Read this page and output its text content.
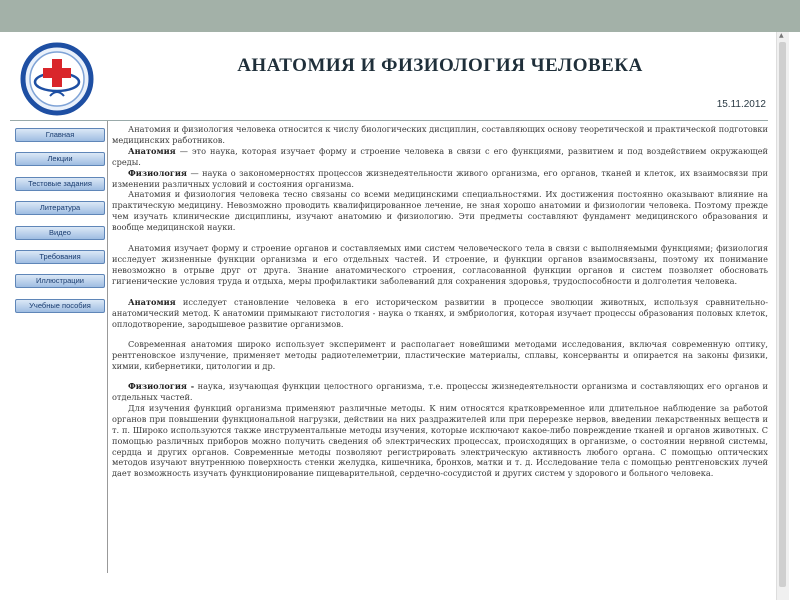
АНАТОМИЯ И ФИЗИОЛОГИЯ ЧЕЛОВЕКА
15.11.2012
Главная
Лекции
Тестовые задания
Литература
Видео
Требования
Иллюстрации
Учебные пособия

Анатомия и физиология человека относится к числу биологических дисциплин, составляющих основу теоретической и практической подготовки медицинских работников.

Анатомия — это наука, которая изучает форму и строение человека в связи с его функциями, развитием и под воздействием окружающей среды.

Физиология — наука о закономерностях процессов жизнедеятельности живого организма, его органов, тканей и клеток, их взаимосвязи при изменении различных условий и состояния организма.

Анатомия и физиология человека тесно связаны со всеми медицинскими специальностями. Их достижения постоянно оказывают влияние на практическую медицину. Невозможно проводить квалифицированное лечение, не зная хорошо анатомии и физиологии человека. Поэтому прежде чем изучать клинические дисциплины, изучают анатомию и физиологию. Эти предметы составляют фундамент медицинского образования и вообще медицинской науки.

Анатомия изучает форму и строение органов и составляемых ими систем человеческого тела в связи с выполняемыми функциями; физиология исследует жизненные функции организма и его отдельных частей. И строение, и функции органов взаимосвязаны, поэтому их понимание невозможно в отрыве друг от друга. Знание анатомического строения, согласованной функции органов и систем позволяет обосновать гигиенические условия труда и отдыха, меры профилактики заболеваний для сохранения здоровья, трудоспособности и долголетия человека.

Анатомия исследует становление человека в его историческом развитии в процессе эволюции животных, используя сравнительно-анатомический метод. К анатомии примыкают гистология - наука о тканях, и эмбриология, которая изучает процессы образования половых клеток, оплодотворение, зародышевое развитие организмов.

Современная анатомия широко использует эксперимент и располагает новейшими методами исследования, включая современную оптику, рентгеновское излучение, применяет методы радиотелеметрии, пластические материалы, сплавы, консерванты и опирается на законы физики, химии, кибернетики, цитологии и др.

Физиология - наука, изучающая функции целостного организма, т.е. процессы жизнедеятельности организма и составляющих его органов и отдельных частей.

Для изучения функций организма применяют различные методы. К ним относятся кратковременное или длительное наблюдение за работой органов при повышении функциональной нагрузки, действии на них раздражителей или при перерезке нервов, введении лекарственных веществ и т. п. Широко используются также инструментальные методы изучения, которые исключают какое-либо повреждение тканей и органов животных. С помощью различных приборов можно получить сведения об электрических процессах, происходящих в организме, о состоянии нервной системы, сердца и других органов. Современные методы позволяют регистрировать электрическую активность любого органа. С помощью оптических методов изучают внутреннюю поверхность стенки желудка, кишечника, бронхов, матки и т. д. Исследование тела с помощью рентгеновских лучей дает возможность изучать функционирование пищеварительной, сердечно-сосудистой и других систем у здорового и больного человека.

▲
